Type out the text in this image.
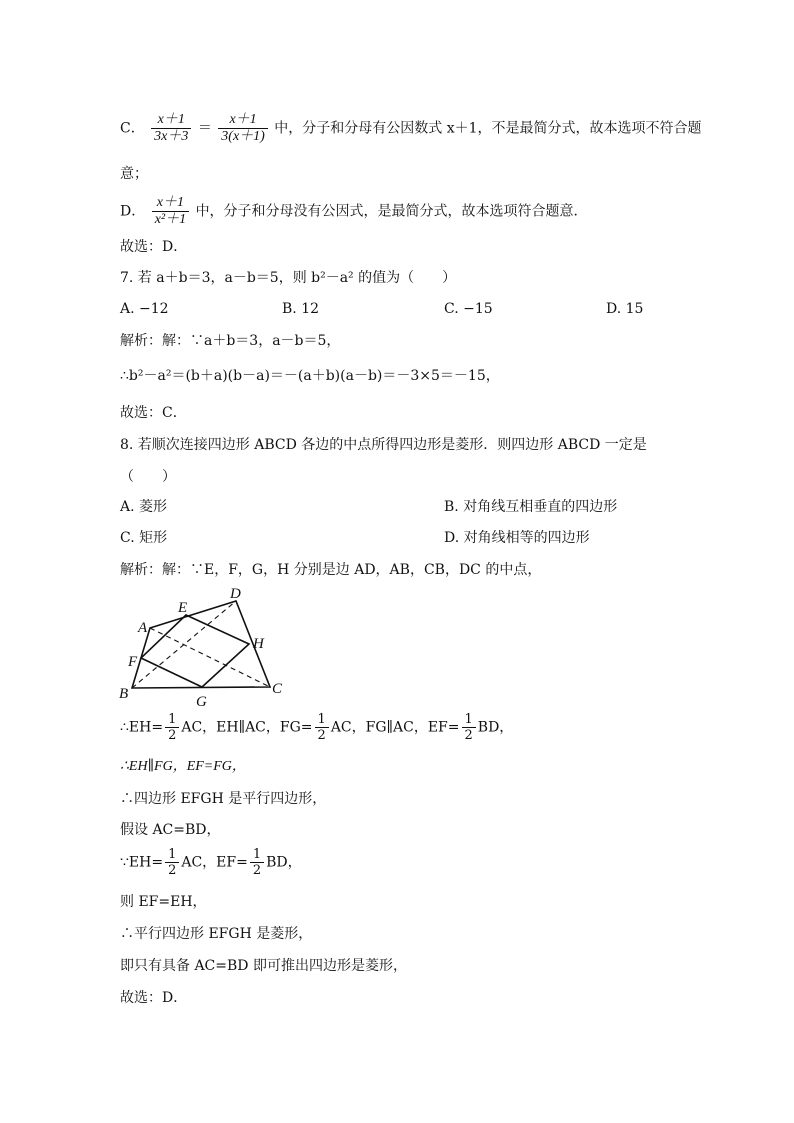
C． $\frac{x+1}{3x+3} = \frac{x+1}{3(x+1)}$ 中，分子和分母有公因数式 x＋1，不是最简分式，故本选项不符合题
意；
D． $\frac{x+1}{\text{x²＋1}}$ 中，分子和分母没有公因式，是最简分式，故本选项符合题意．
故选：D．
7. 若 a＋b＝3，a－b＝5，则 b²－a² 的值为（　　）
A. −12	B. 12	C. −15	D. 15
解析：解：∵a＋b＝3，a－b＝5，
∴b²－a²＝(b＋a)(b－a)＝－(a＋b)(a－b)＝－3×5＝－15，
故选：C．
8. 若顺次连接四边形 ABCD 各边的中点所得四边形是菱形．则四边形 ABCD 一定是
（　　）
A. 菱形	B. 对角线互相垂直的四边形
C. 矩形	D. 对角线相等的四边形
解析：解：∵E，F，G，H 分别是边 AD，AB，CB，DC 的中点，
A
B	C
D
E
F
G
H
∴EH= $\frac{1}{2}$ AC，EH∥AC，$FG= \frac{1}{2}$ AC，FG∥AC，$EF= \frac{1}{2}$ BD，
∴EH∥FG，EF=FG，
∴四边形 EFGH 是平行四边形，
假设 AC=BD，
∵EH= $\frac{1}{2}$ AC，$EF= \frac{1}{2}$ BD，
则 EF=EH，
∴平行四边形 EFGH 是菱形，
即只有具备 AC=BD 即可推出四边形是菱形，
故选：D．
